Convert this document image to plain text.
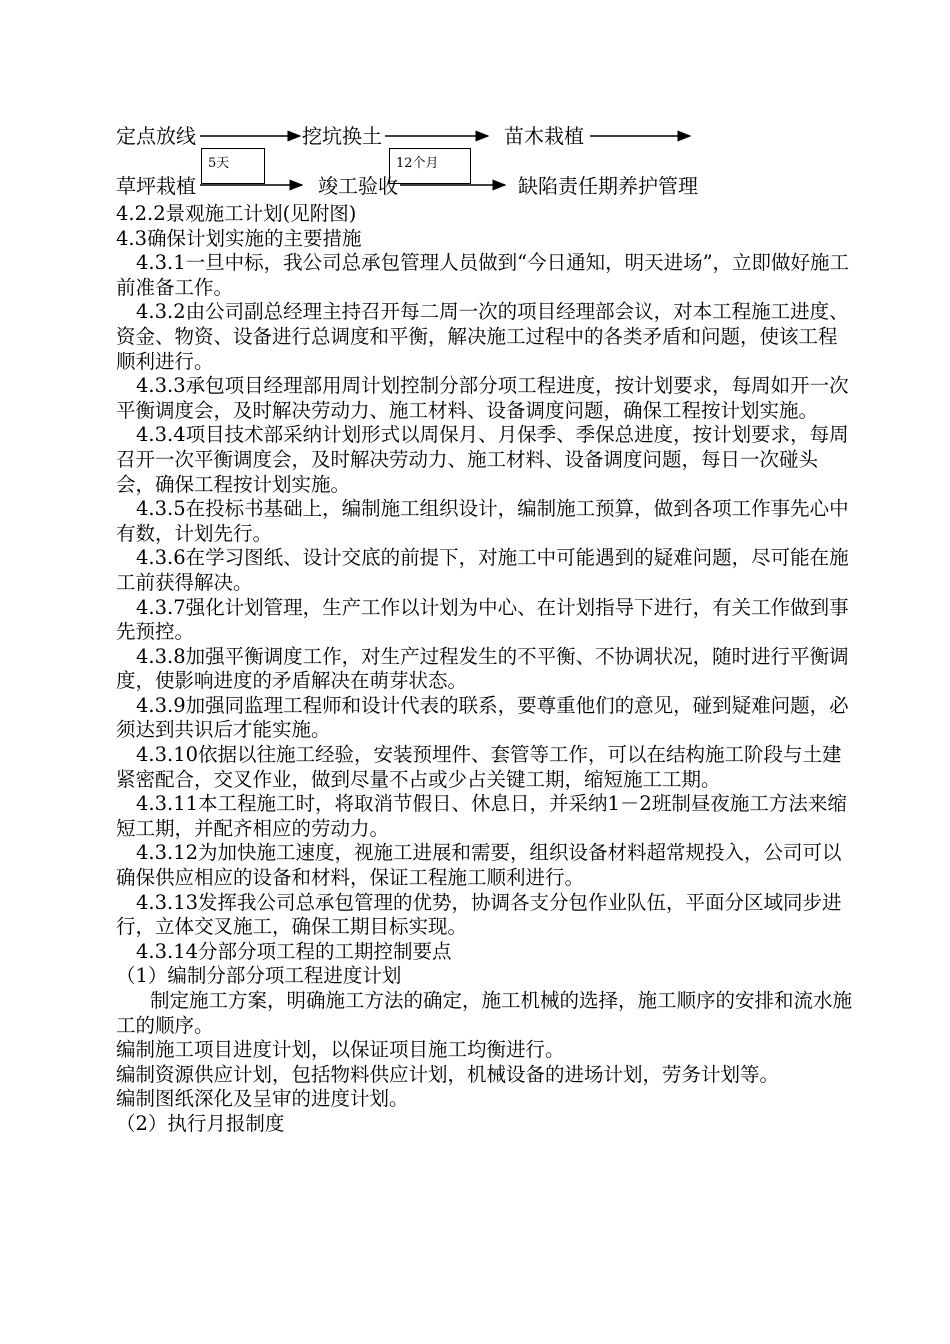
定点放线	挖坑换土	苗木栽植
5天	12个月
草坪栽植	竣工验收	缺陷责任期养护管理

4.2.2景观施工计划(见附图)

4.3确保计划实施的主要措施

4.3.1一旦中标，我公司总承包管理人员做到“今日通知，明天进场”，立即做好施工前准备工作。

4.3.2由公司副总经理主持召开每二周一次的项目经理部会议，对本工程施工进度、资金、物资、设备进行总调度和平衡，解决施工过程中的各类矛盾和问题，使该工程顺利进行。

4.3.3承包项目经理部用周计划控制分部分项工程进度，按计划要求，每周如开一次平衡调度会，及时解决劳动力、施工材料、设备调度问题，确保工程按计划实施。

4.3.4项目技术部采纳计划形式以周保月、月保季、季保总进度，按计划要求，每周召开一次平衡调度会，及时解决劳动力、施工材料、设备调度问题，每日一次碰头会，确保工程按计划实施。

4.3.5在投标书基础上，编制施工组织设计，编制施工预算，做到各项工作事先心中有数，计划先行。

4.3.6在学习图纸、设计交底的前提下，对施工中可能遇到的疑难问题，尽可能在施工前获得解决。

4.3.7强化计划管理，生产工作以计划为中心、在计划指导下进行，有关工作做到事先预控。

4.3.8加强平衡调度工作，对生产过程发生的不平衡、不协调状况，随时进行平衡调度，使影响进度的矛盾解决在萌芽状态。

4.3.9加强同监理工程师和设计代表的联系，要尊重他们的意见，碰到疑难问题，必须达到共识后才能实施。

4.3.10依据以往施工经验，安装预埋件、套管等工作，可以在结构施工阶段与土建紧密配合，交叉作业，做到尽量不占或少占关键工期，缩短施工工期。

4.3.11本工程施工时，将取消节假日、休息日，并采纳1－2班制昼夜施工方法来缩短工期，并配齐相应的劳动力。

4.3.12为加快施工速度，视施工进展和需要，组织设备材料超常规投入，公司可以确保供应相应的设备和材料，保证工程施工顺利进行。

4.3.13发挥我公司总承包管理的优势，协调各支分包作业队伍，平面分区域同步进行，立体交叉施工，确保工期目标实现。

4.3.14分部分项工程的工期控制要点

（1）编制分部分项工程进度计划

制定施工方案，明确施工方法的确定，施工机械的选择，施工顺序的安排和流水施工的顺序。

编制施工项目进度计划，以保证项目施工均衡进行。

编制资源供应计划，包括物料供应计划，机械设备的进场计划，劳务计划等。

编制图纸深化及呈审的进度计划。

（2）执行月报制度
